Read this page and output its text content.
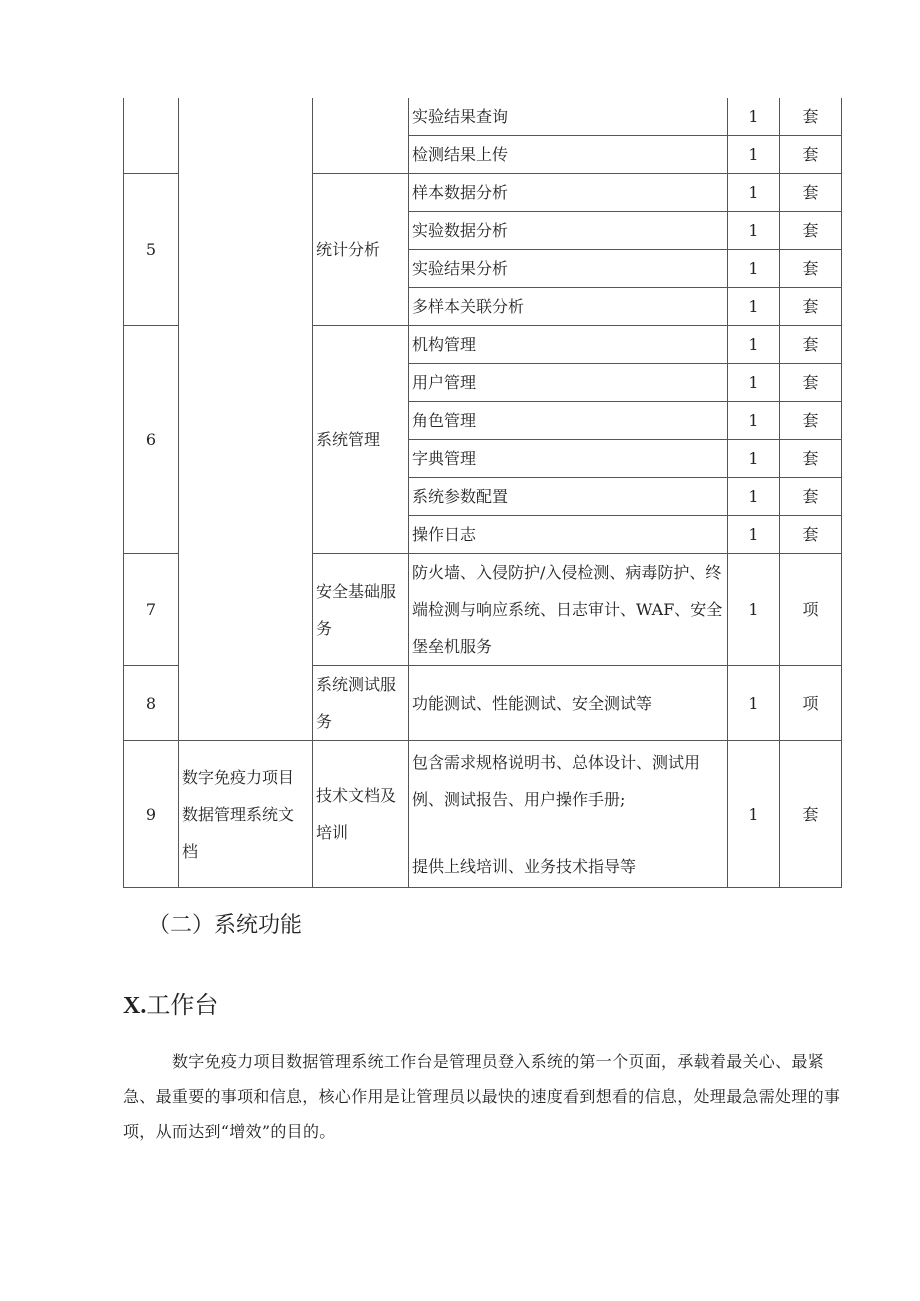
			实验结果查询	1	套
			检测结果上传	1	套
5		统计分析	样本数据分析	1	套
			实验数据分析	1	套
			实验结果分析	1	套
			多样本关联分析	1	套
6		系统管理	机构管理	1	套
			用户管理	1	套
			角色管理	1	套
			字典管理	1	套
			系统参数配置	1	套
			操作日志	1	套
7		安全基础服务	防火墙、入侵防护/入侵检测、病毒防护、终端检测与响应系统、日志审计、WAF、安全堡垒机服务	1	项
8		系统测试服务	功能测试、性能测试、安全测试等	1	项
9	数字免疫力项目数据管理系统文档	技术文档及培训	包含需求规格说明书、总体设计、测试用例、测试报告、用户操作手册;
提供上线培训、业务技术指导等	1	套
（二）系统功能
X.工作台

数字免疫力项目数据管理系统工作台是管理员登入系统的第一个页面，承载着最关心、最紧急、最重要的事项和信息，核心作用是让管理员以最快的速度看到想看的信息，处理最急需处理的事项，从而达到“增效”的目的。
